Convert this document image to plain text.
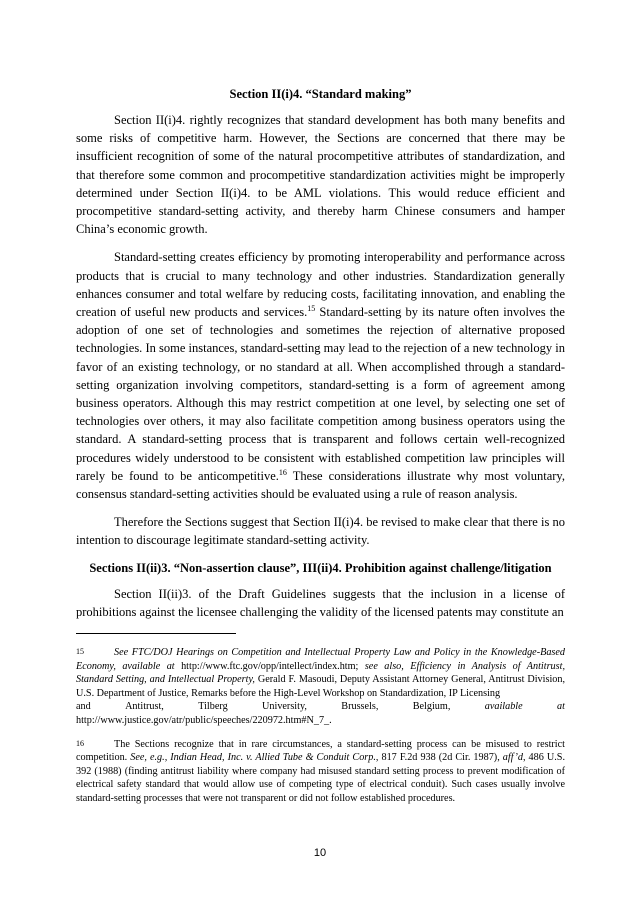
Section II(i)4. “Standard making”

Section II(i)4. rightly recognizes that standard development has both many benefits and some risks of competitive harm. However, the Sections are concerned that there may be insufficient recognition of some of the natural procompetitive attributes of standardization, and that therefore some common and procompetitive standardization activities might be improperly determined under Section II(i)4. to be AML violations. This would reduce efficient and procompetitive standard-setting activity, and thereby harm Chinese consumers and hamper China’s economic growth.

Standard-setting creates efficiency by promoting interoperability and performance across products that is crucial to many technology and other industries. Standardization generally enhances consumer and total welfare by reducing costs, facilitating innovation, and enabling the creation of useful new products and services.$^{15}$ Standard-setting by its nature often involves the adoption of one set of technologies and sometimes the rejection of alternative proposed technologies. In some instances, standard-setting may lead to the rejection of a new technology in favor of an existing technology, or no standard at all. When accomplished through a standard-setting organization involving competitors, standard-setting is a form of agreement among business operators. Although this may restrict competition at one level, by selecting one set of technologies over others, it may also facilitate competition among business operators using the standard. A standard-setting process that is transparent and follows certain well-recognized procedures widely understood to be consistent with established competition law principles will rarely be found to be anticompetitive.$^{16}$ These considerations illustrate why most voluntary, consensus standard-setting activities should be evaluated using a rule of reason analysis.

Therefore the Sections suggest that Section II(i)4. be revised to make clear that there is no intention to discourage legitimate standard-setting activity.

Sections II(ii)3. “Non-assertion clause”, III(ii)4. Prohibition against challenge/litigation

Section II(ii)3. of the Draft Guidelines suggests that the inclusion in a license of prohibitions against the licensee challenging the validity of the licensed patents may constitute an

15	See FTC/DOJ Hearings on Competition and Intellectual Property Law and Policy in the Knowledge-Based Economy, available at http://www.ftc.gov/opp/intellect/index.htm; see also, Efficiency in Analysis of Antitrust, Standard Setting, and Intellectual Property, Gerald F. Masoudi, Deputy Assistant Attorney General, Antitrust Division, U.S. Department of Justice, Remarks before the High-Level Workshop on Standardization, IP Licensing
and	Antitrust,	Tilberg	University,	Brussels,	Belgium,	available	at
http://www.justice.gov/atr/public/speeches/220972.htm#N_7_.
16	The Sections recognize that in rare circumstances, a standard-setting process can be misused to restrict competition. See, e.g., Indian Head, Inc. v. Allied Tube & Conduit Corp., 817 F.2d 938 (2d Cir. 1987), aff’d, 486 U.S. 392 (1988) (finding antitrust liability where company had misused standard setting process to prevent modification of electrical safety standard that would allow use of competing type of electrical conduit). Such cases usually involve standard-setting processes that were not transparent or did not follow established procedures.
10
